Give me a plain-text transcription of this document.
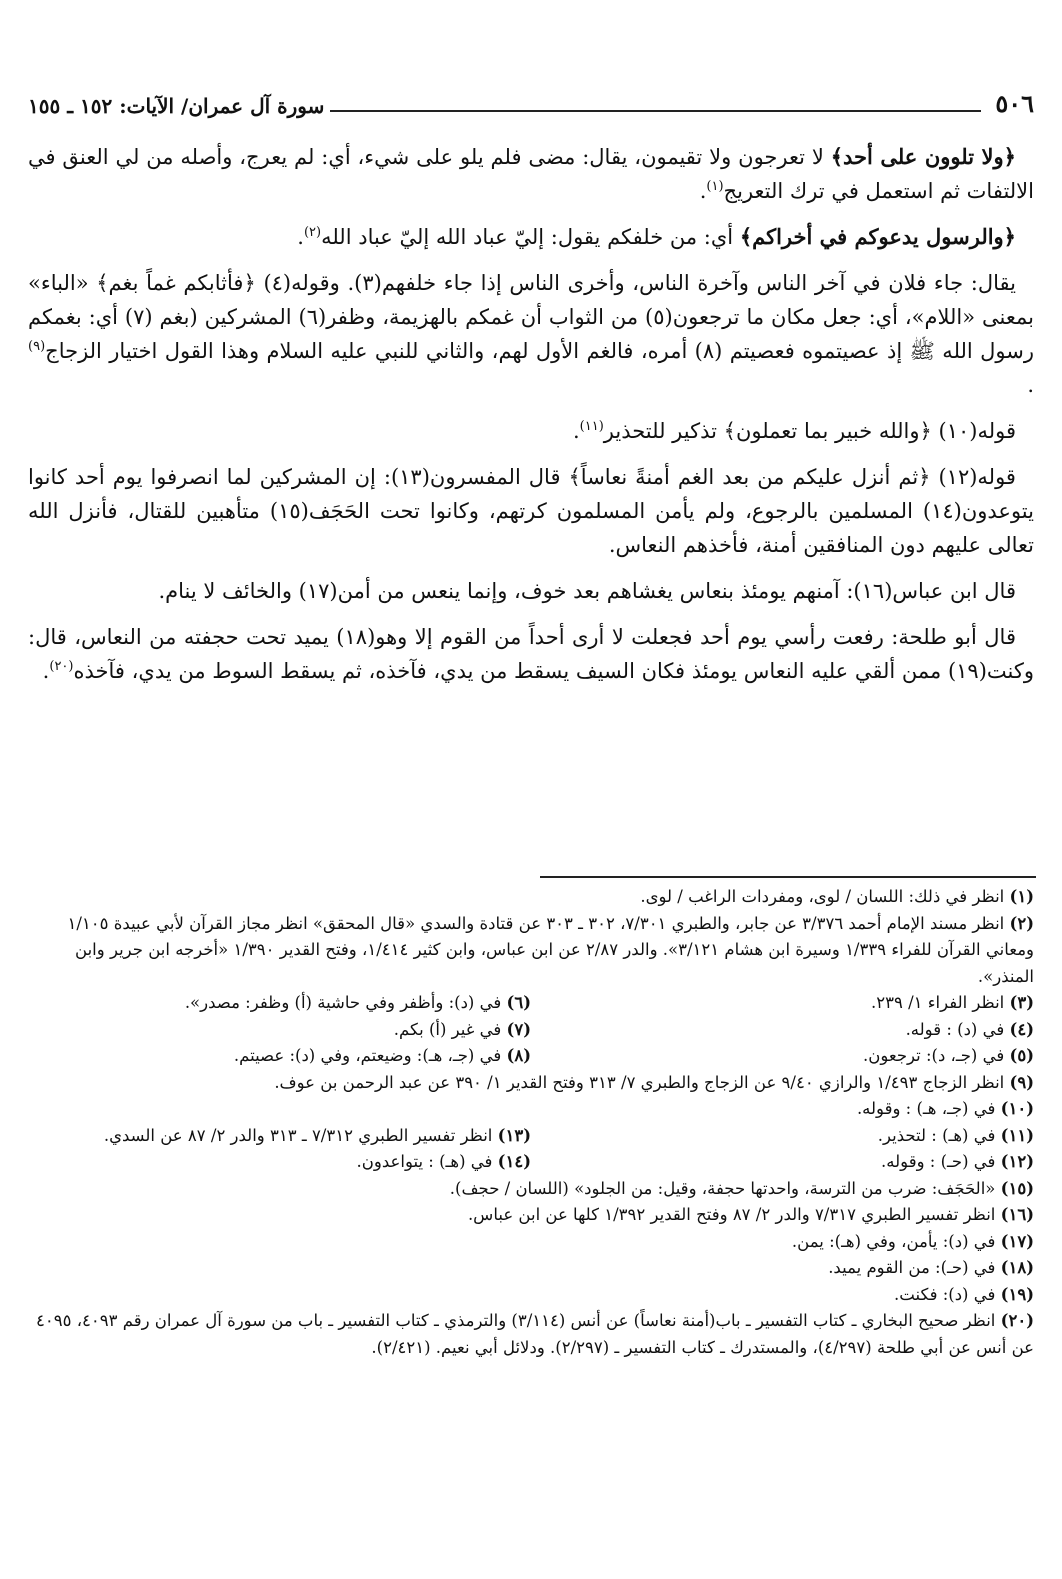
٥٠٦
سورة آل عمران/ الآيات: ١٥٢ ـ ١٥٥

﴿ولا تلوون على أحد﴾ لا تعرجون ولا تقيمون، يقال: مضى فلم يلو على شيء، أي: لم يعرج، وأصله من لي العنق في الالتفات ثم استعمل في ترك التعريج$^{(١)}$.

﴿والرسول يدعوكم في أخراكم﴾ أي: من خلفكم يقول: إليّ عباد الله إليّ عباد الله$^{(٢)}$.

يقال: جاء فلان في آخر الناس وآخرة الناس، وأخرى الناس إذا جاء خلفهم(٣). وقوله(٤) ﴿فأثابكم غماً بغم﴾ «الباء» بمعنى «اللام»، أي: جعل مكان ما ترجعون(٥) من الثواب أن غمكم بالهزيمة، وظفر(٦) المشركين (بغم (٧) أي: بغمكم رسول الله ﷺ إذ عصيتموه فعصيتم (٨) أمره، فالغم الأول لهم، والثاني للنبي عليه السلام وهذا القول اختيار الزجاج$^{(٩)}$ .

قوله(١٠) ﴿والله خبير بما تعملون﴾ تذكير للتحذير$^{(١١)}$.

قوله(١٢) ﴿ثم أنزل عليكم من بعد الغم أمنةً نعاساً﴾ قال المفسرون(١٣): إن المشركين لما انصرفوا يوم أحد كانوا يتوعدون(١٤) المسلمين بالرجوع، ولم يأمن المسلمون كرتهم، وكانوا تحت الحَجَف(١٥) متأهبين للقتال، فأنزل الله تعالى عليهم دون المنافقين أمنة، فأخذهم النعاس.

قال ابن عباس(١٦): آمنهم يومئذ بنعاس يغشاهم بعد خوف، وإنما ينعس من أمن(١٧) والخائف لا ينام.

قال أبو طلحة: رفعت رأسي يوم أحد فجعلت لا أرى أحداً من القوم إلا وهو(١٨) يميد تحت حجفته من النعاس، قال: وكنت(١٩) ممن ألقي عليه النعاس يومئذ فكان السيف يسقط من يدي، فآخذه، ثم يسقط السوط من يدي، فآخذه$^{(٢٠)}$.

(١) انظر في ذلك: اللسان / لوى، ومفردات الراغب / لوى.

(٢) انظر مسند الإمام أحمد ٣/٣٧٦ عن جابر، والطبري ٧/٣٠١، ٣٠٢ ـ ٣٠٣ عن قتادة والسدي «قال المحقق» انظر مجاز القرآن لأبي عبيدة ١/١٠٥ ومعاني القرآن للفراء ١/٣٣٩ وسيرة ابن هشام ٣/١٢١». والدر ٢/٨٧ عن ابن عباس، وابن كثير ١/٤١٤، وفتح القدير ١/٣٩٠ «أخرجه ابن جرير وابن المنذر».

(٣) انظر الفراء ١/ ٢٣٩.
(٦) في (د): وأظفر وفي حاشية (أ) وظفر: مصدر».
(٤) في (د) : قوله.
(٧) في غير (أ) بكم.
(٥) في (جـ، د): ترجعون.
(٨) في (جـ، هـ): وضيعتم، وفي (د): عصيتم.

(٩) انظر الزجاج ١/٤٩٣ والرازي ٩/٤٠ عن الزجاج والطبري ٧/ ٣١٣ وفتح القدير ١/ ٣٩٠ عن عبد الرحمن بن عوف.

(١٠) في (جـ، هـ) : وقوله.

(١١) في (هـ) : لتحذير.
(١٣) انظر تفسير الطبري ٧/٣١٢ ـ ٣١٣ والدر ٢/ ٨٧ عن السدي.
(١٢) في (حـ) : وقوله.
(١٤) في (هـ) : يتواعدون.

(١٥) «الحَجَف: ضرب من الترسة، واحدتها حجفة، وقيل: من الجلود» (اللسان / حجف).

(١٦) انظر تفسير الطبري ٧/٣١٧ والدر ٢/ ٨٧ وفتح القدير ١/٣٩٢ كلها عن ابن عباس.

(١٧) في (د): يأمن، وفي (هـ): يمن.

(١٨) في (حـ): من القوم يميد.

(١٩) في (د): فكنت.

(٢٠) انظر صحيح البخاري ـ كتاب التفسير ـ باب(أمنة نعاساً) عن أنس (٣/١١٤) والترمذي ـ كتاب التفسير ـ باب من سورة آل عمران رقم ٤٠٩٣، ٤٠٩٥ عن أنس عن أبي طلحة (٤/٢٩٧)، والمستدرك ـ كتاب التفسير ـ (٢/٢٩٧). ودلائل أبي نعيم. (٢/٤٢١).
